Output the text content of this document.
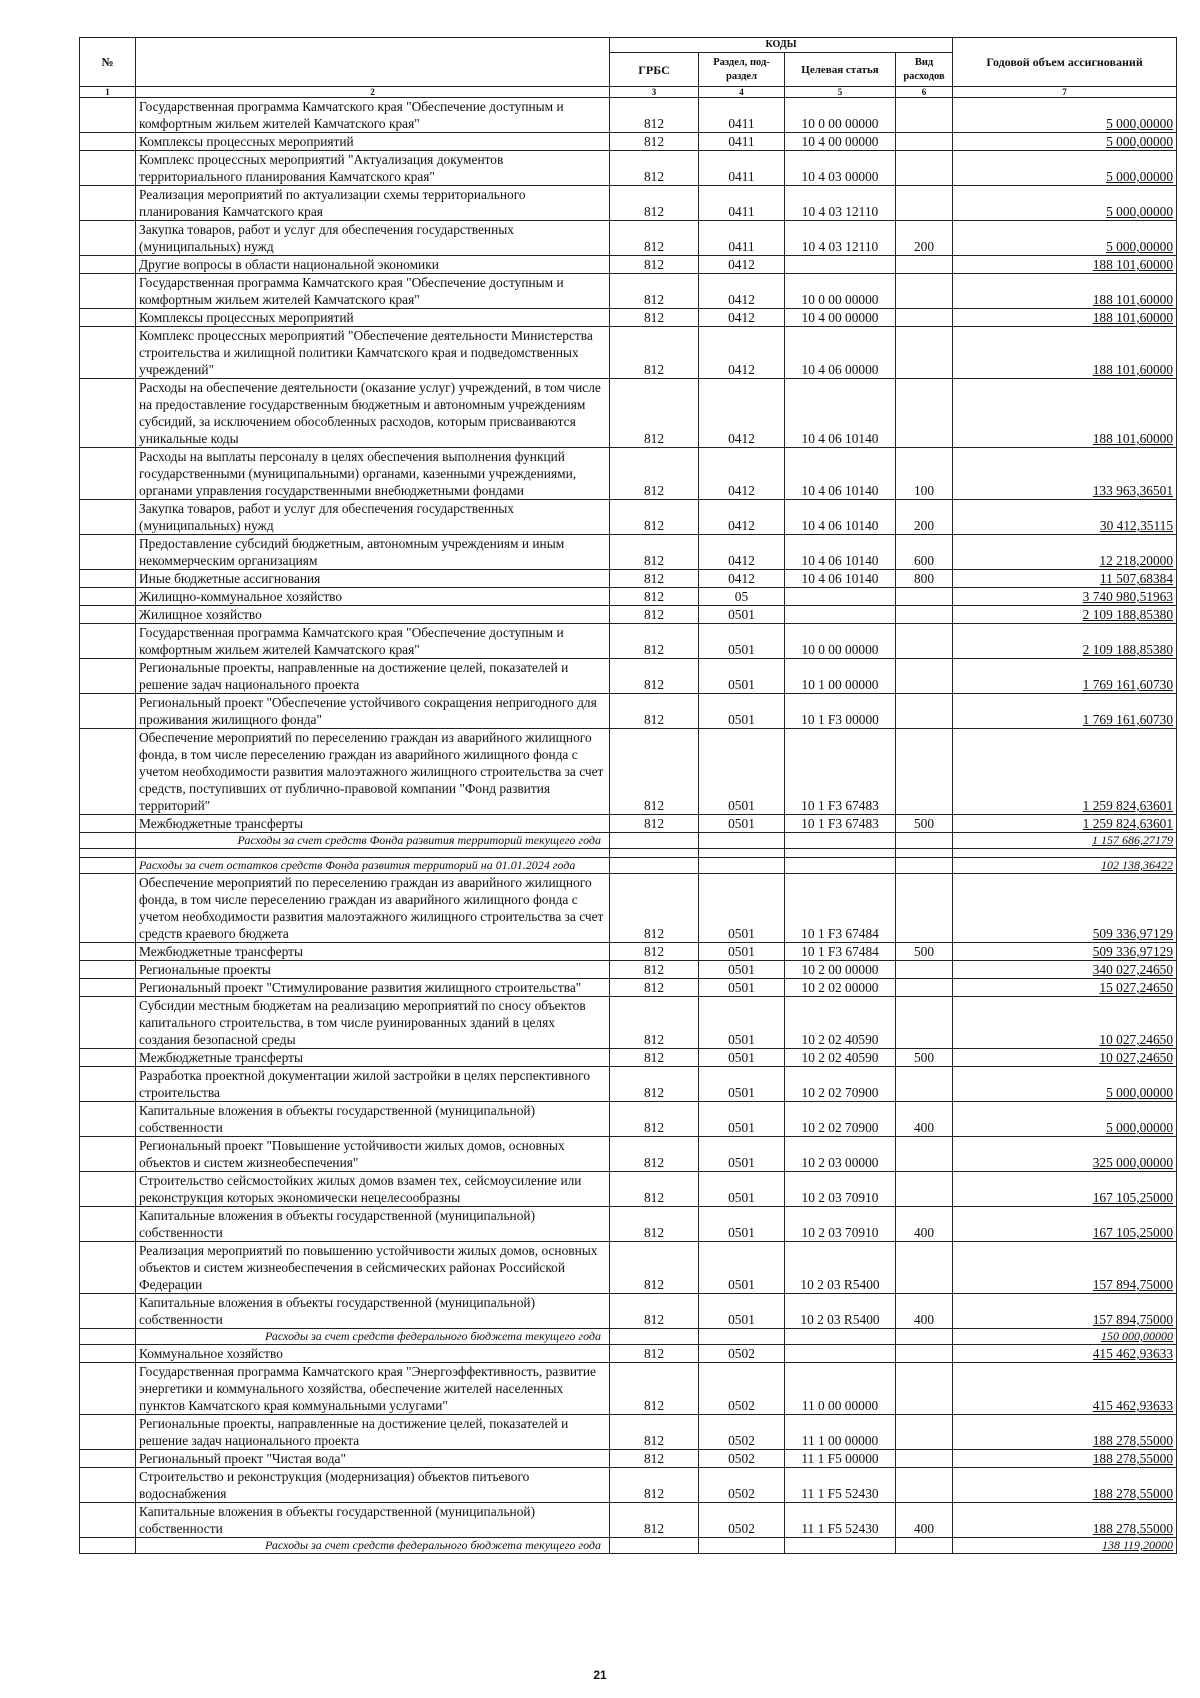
№		КОДЫ				Годовой объем ассигнований
		ГРБС	Раздел, под-раздел	Целевая статья	Вид расходов	
1	2	3	4	5	6	7
	Государственная программа Камчатского края "Обеспечение доступным и комфортным жильем жителей Камчатского края"	812	0411	10 0 00 00000		5 000,00000
	Комплексы процессных мероприятий	812	0411	10 4 00 00000		5 000,00000
	Комплекс процессных мероприятий "Актуализация документов территориального планирования Камчатского края"	812	0411	10 4 03 00000		5 000,00000
	Реализация мероприятий по актуализации схемы территориального планирования Камчатского края	812	0411	10 4 03 12110		5 000,00000
	Закупка товаров, работ и услуг для обеспечения государственных (муниципальных) нужд	812	0411	10 4 03 12110	200	5 000,00000
	Другие вопросы в области национальной экономики	812	0412			188 101,60000
	Государственная программа Камчатского края "Обеспечение доступным и комфортным жильем жителей Камчатского края"	812	0412	10 0 00 00000		188 101,60000
	Комплексы процессных мероприятий	812	0412	10 4 00 00000		188 101,60000
	Комплекс процессных мероприятий "Обеспечение деятельности Министерства строительства и жилищной политики Камчатского края и подведомственных учреждений"	812	0412	10 4 06 00000		188 101,60000
	Расходы на обеспечение деятельности (оказание услуг) учреждений, в том числе на предоставление государственным бюджетным и автономным учреждениям субсидий, за исключением обособленных расходов, которым присваиваются уникальные коды	812	0412	10 4 06 10140		188 101,60000
	Расходы на выплаты персоналу в целях обеспечения выполнения функций государственными (муниципальными) органами, казенными учреждениями, органами управления государственными внебюджетными фондами	812	0412	10 4 06 10140	100	133 963,36501
	Закупка товаров, работ и услуг для обеспечения государственных (муниципальных) нужд	812	0412	10 4 06 10140	200	30 412,35115
	Предоставление субсидий бюджетным, автономным учреждениям и иным некоммерческим организациям	812	0412	10 4 06 10140	600	12 218,20000
	Иные бюджетные ассигнования	812	0412	10 4 06 10140	800	11 507,68384
	Жилищно-коммунальное хозяйство	812	05			3 740 980,51963
	Жилищное хозяйство	812	0501			2 109 188,85380
	Государственная программа Камчатского края "Обеспечение доступным и комфортным жильем жителей Камчатского края"	812	0501	10 0 00 00000		2 109 188,85380
	Региональные проекты, направленные на достижение целей, показателей и решение задач национального проекта	812	0501	10 1 00 00000		1 769 161,60730
	Региональный проект "Обеспечение устойчивого сокращения непригодного для проживания жилищного фонда"	812	0501	10 1 F3 00000		1 769 161,60730
	Обеспечение мероприятий по переселению граждан из аварийного жилищного фонда, в том числе переселению граждан из аварийного жилищного фонда с учетом необходимости развития малоэтажного жилищного строительства за счет средств, поступивших от публично-правовой компании "Фонд развития территорий"	812	0501	10 1 F3 67483		1 259 824,63601
	Межбюджетные трансферты	812	0501	10 1 F3 67483	500	1 259 824,63601
	Расходы за счет средств Фонда развития территорий текущего года					1 157 686,27179

	Расходы за счет остатков средств Фонда развития территорий на 01.01.2024 года					102 138,36422
	Обеспечение мероприятий по переселению граждан из аварийного жилищного фонда, в том числе переселению граждан из аварийного жилищного фонда с учетом необходимости развития малоэтажного жилищного строительства за счет средств краевого бюджета	812	0501	10 1 F3 67484		509 336,97129
	Межбюджетные трансферты	812	0501	10 1 F3 67484	500	509 336,97129
	Региональные проекты	812	0501	10 2 00 00000		340 027,24650
	Региональный проект "Стимулирование развития жилищного строительства"	812	0501	10 2 02 00000		15 027,24650
	Субсидии местным бюджетам на реализацию мероприятий по сносу объектов капитального строительства, в том числе руинированных зданий в целях создания безопасной среды	812	0501	10 2 02 40590		10 027,24650
	Межбюджетные трансферты	812	0501	10 2 02 40590	500	10 027,24650
	Разработка проектной документации жилой застройки в целях перспективного строительства	812	0501	10 2 02 70900		5 000,00000
	Капитальные вложения в объекты государственной (муниципальной) собственности	812	0501	10 2 02 70900	400	5 000,00000
	Региональный проект "Повышение устойчивости жилых домов, основных объектов и систем жизнеобеспечения"	812	0501	10 2 03 00000		325 000,00000
	Строительство сейсмостойких жилых домов взамен тех, сейсмоусиление или реконструкция которых экономически нецелесообразны	812	0501	10 2 03 70910		167 105,25000
	Капитальные вложения в объекты государственной (муниципальной) собственности	812	0501	10 2 03 70910	400	167 105,25000
	Реализация мероприятий по повышению устойчивости жилых домов, основных объектов и систем жизнеобеспечения в сейсмических районах Российской Федерации	812	0501	10 2 03 R5400		157 894,75000
	Капитальные вложения в объекты государственной (муниципальной) собственности	812	0501	10 2 03 R5400	400	157 894,75000
	Расходы за счет средств федерального бюджета текущего года					150 000,00000
	Коммунальное хозяйство	812	0502			415 462,93633
	Государственная программа Камчатского края "Энергоэффективность, развитие энергетики и коммунального хозяйства, обеспечение жителей населенных пунктов Камчатского края коммунальными услугами"	812	0502	11 0 00 00000		415 462,93633
	Региональные проекты, направленные на достижение целей, показателей и решение задач национального проекта	812	0502	11 1 00 00000		188 278,55000
	Региональный проект "Чистая вода"	812	0502	11 1 F5 00000		188 278,55000
	Строительство и реконструкция (модернизация) объектов питьевого водоснабжения	812	0502	11 1 F5 52430		188 278,55000
	Капитальные вложения в объекты государственной (муниципальной) собственности	812	0502	11 1 F5 52430	400	188 278,55000
	Расходы за счет средств федерального бюджета текущего года					138 119,20000
21
